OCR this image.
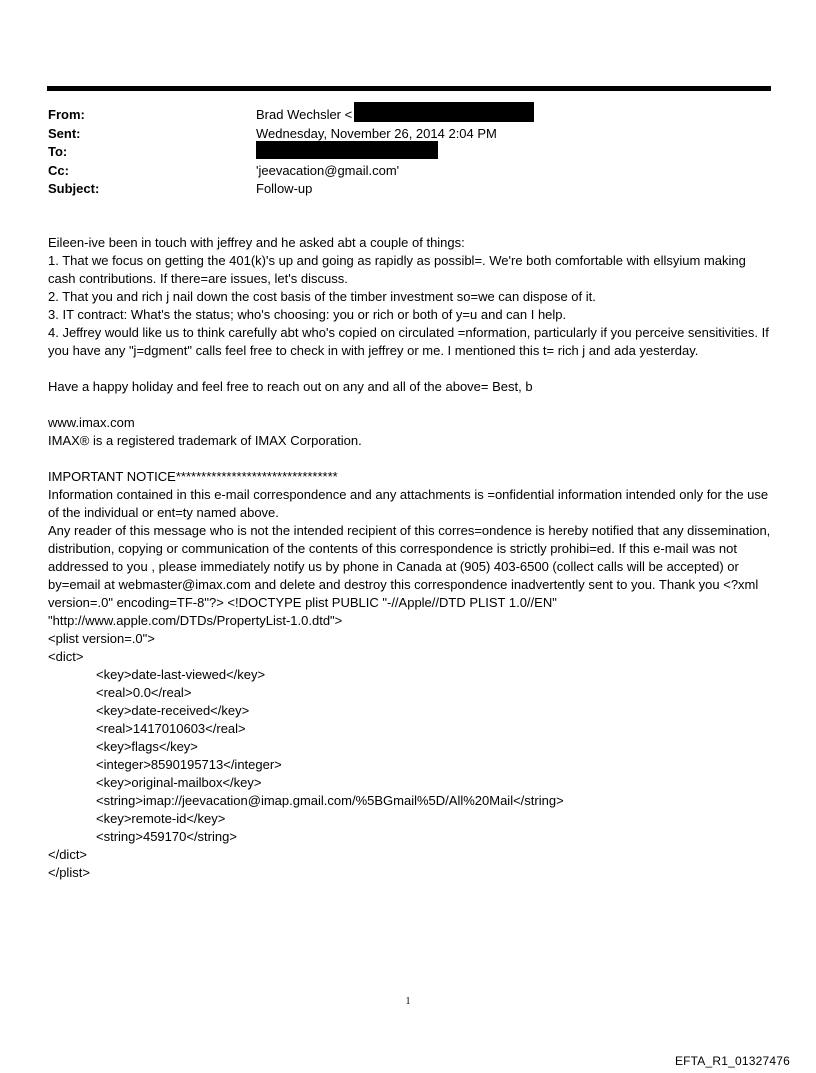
From:	Brad Wechsler <
Sent:	Wednesday, November 26, 2014 2:04 PM
To:
Cc:	'jeevacation@gmail.com'
Subject:	Follow-up

Eileen-ive been in touch with jeffrey and he asked abt a couple of things:

1. That we focus on getting the 401(k)'s up and going as rapidly as possibl=. We're both comfortable with ellsyium making cash contributions. If there=are issues, let's discuss.

2. That you and rich j nail down the cost basis of the timber investment so=we can dispose of it.

3. IT contract: What's the status; who's choosing: you or rich or both of y=u and can I help.

4. Jeffrey would like us to think carefully abt who's copied on circulated =nformation, particularly if you perceive sensitivities. If you have any "j=dgment" calls feel free to check in with jeffrey or me. I mentioned this t= rich j and ada yesterday.

Have a happy holiday and feel free to reach out on any and all of the above= Best, b

www.imax.com

IMAX® is a registered trademark of IMAX Corporation.

IMPORTANT NOTICE********************************

Information contained in this e-mail correspondence and any attachments is =onfidential information intended only for the use of the individual or ent=ty named above.

Any reader of this message who is not the intended recipient of this corres=ondence is hereby notified that any dissemination, distribution, copying or communication of the contents of this correspondence is strictly prohibi=ed. If this e-mail was not addressed to you , please immediately notify us by phone in Canada at (905) 403-6500 (collect calls will be accepted) or by=email at webmaster@imax.com and delete and destroy this correspondence inadvertently sent to you. Thank you <?xml version=.0" encoding=TF-8"?> <!DOCTYPE plist PUBLIC "-//Apple//DTD PLIST 1.0//EN" "http://www.apple.com/DTDs/PropertyList-1.0.dtd">

<plist version=.0">

<dict>

<key>date-last-viewed</key>

<real>0.0</real>

<key>date-received</key>

<real>1417010603</real>

<key>flags</key>

<integer>8590195713</integer>

<key>original-mailbox</key>

<string>imap://jeevacation@imap.gmail.com/%5BGmail%5D/All%20Mail</string>

<key>remote-id</key>

<string>459170</string>

</dict>

</plist>

1
EFTA_R1_01327476
